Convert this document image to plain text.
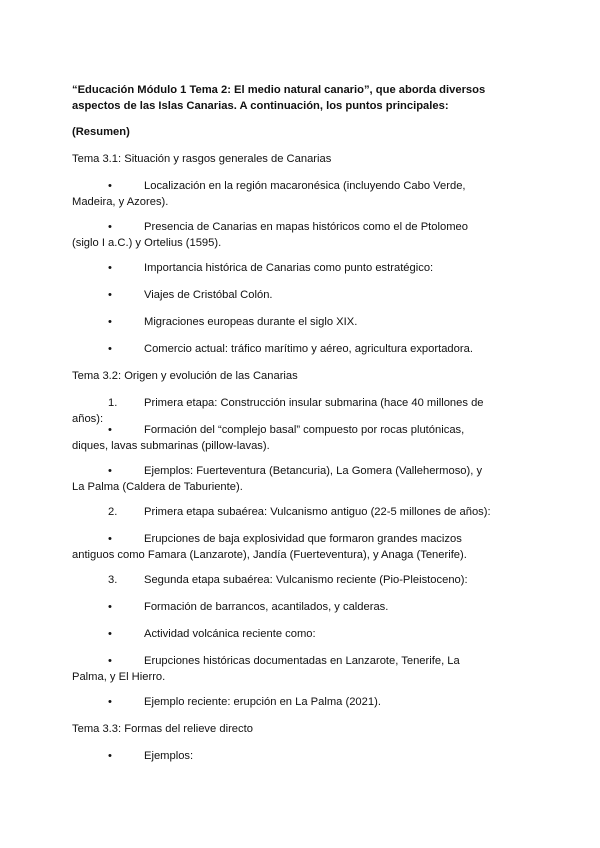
“Educación Módulo 1 Tema 2: El medio natural canario”, que aborda diversos aspectos de las Islas Canarias. A continuación, los puntos principales:
(Resumen)
Tema 3.1: Situación y rasgos generales de Canarias
•	Localización en la región macaronésica (incluyendo Cabo Verde, Madeira, y Azores).
•	Presencia de Canarias en mapas históricos como el de Ptolomeo (siglo I a.C.) y Ortelius (1595).
•	Importancia histórica de Canarias como punto estratégico:
•	Viajes de Cristóbal Colón.
•	Migraciones europeas durante el siglo XIX.
•	Comercio actual: tráfico marítimo y aéreo, agricultura exportadora.
Tema 3.2: Origen y evolución de las Canarias
1. Primera etapa: Construcción insular submarina (hace 40 millones de años):
•	Formación del “complejo basal” compuesto por rocas plutónicas, diques, lavas submarinas (pillow-lavas).
•	Ejemplos: Fuerteventura (Betancuria), La Gomera (Vallehermoso), y La Palma (Caldera de Taburiente).
2. Primera etapa subaérea: Vulcanismo antiguo (22-5 millones de años):
•	Erupciones de baja explosividad que formaron grandes macizos antiguos como Famara (Lanzarote), Jandía (Fuerteventura), y Anaga (Tenerife).
3. Segunda etapa subaérea: Vulcanismo reciente (Pio-Pleistoceno):
•	Formación de barrancos, acantilados, y calderas.
•	Actividad volcánica reciente como:
•	Erupciones históricas documentadas en Lanzarote, Tenerife, La Palma, y El Hierro.
•	Ejemplo reciente: erupción en La Palma (2021).
Tema 3.3: Formas del relieve directo
•	Ejemplos:
